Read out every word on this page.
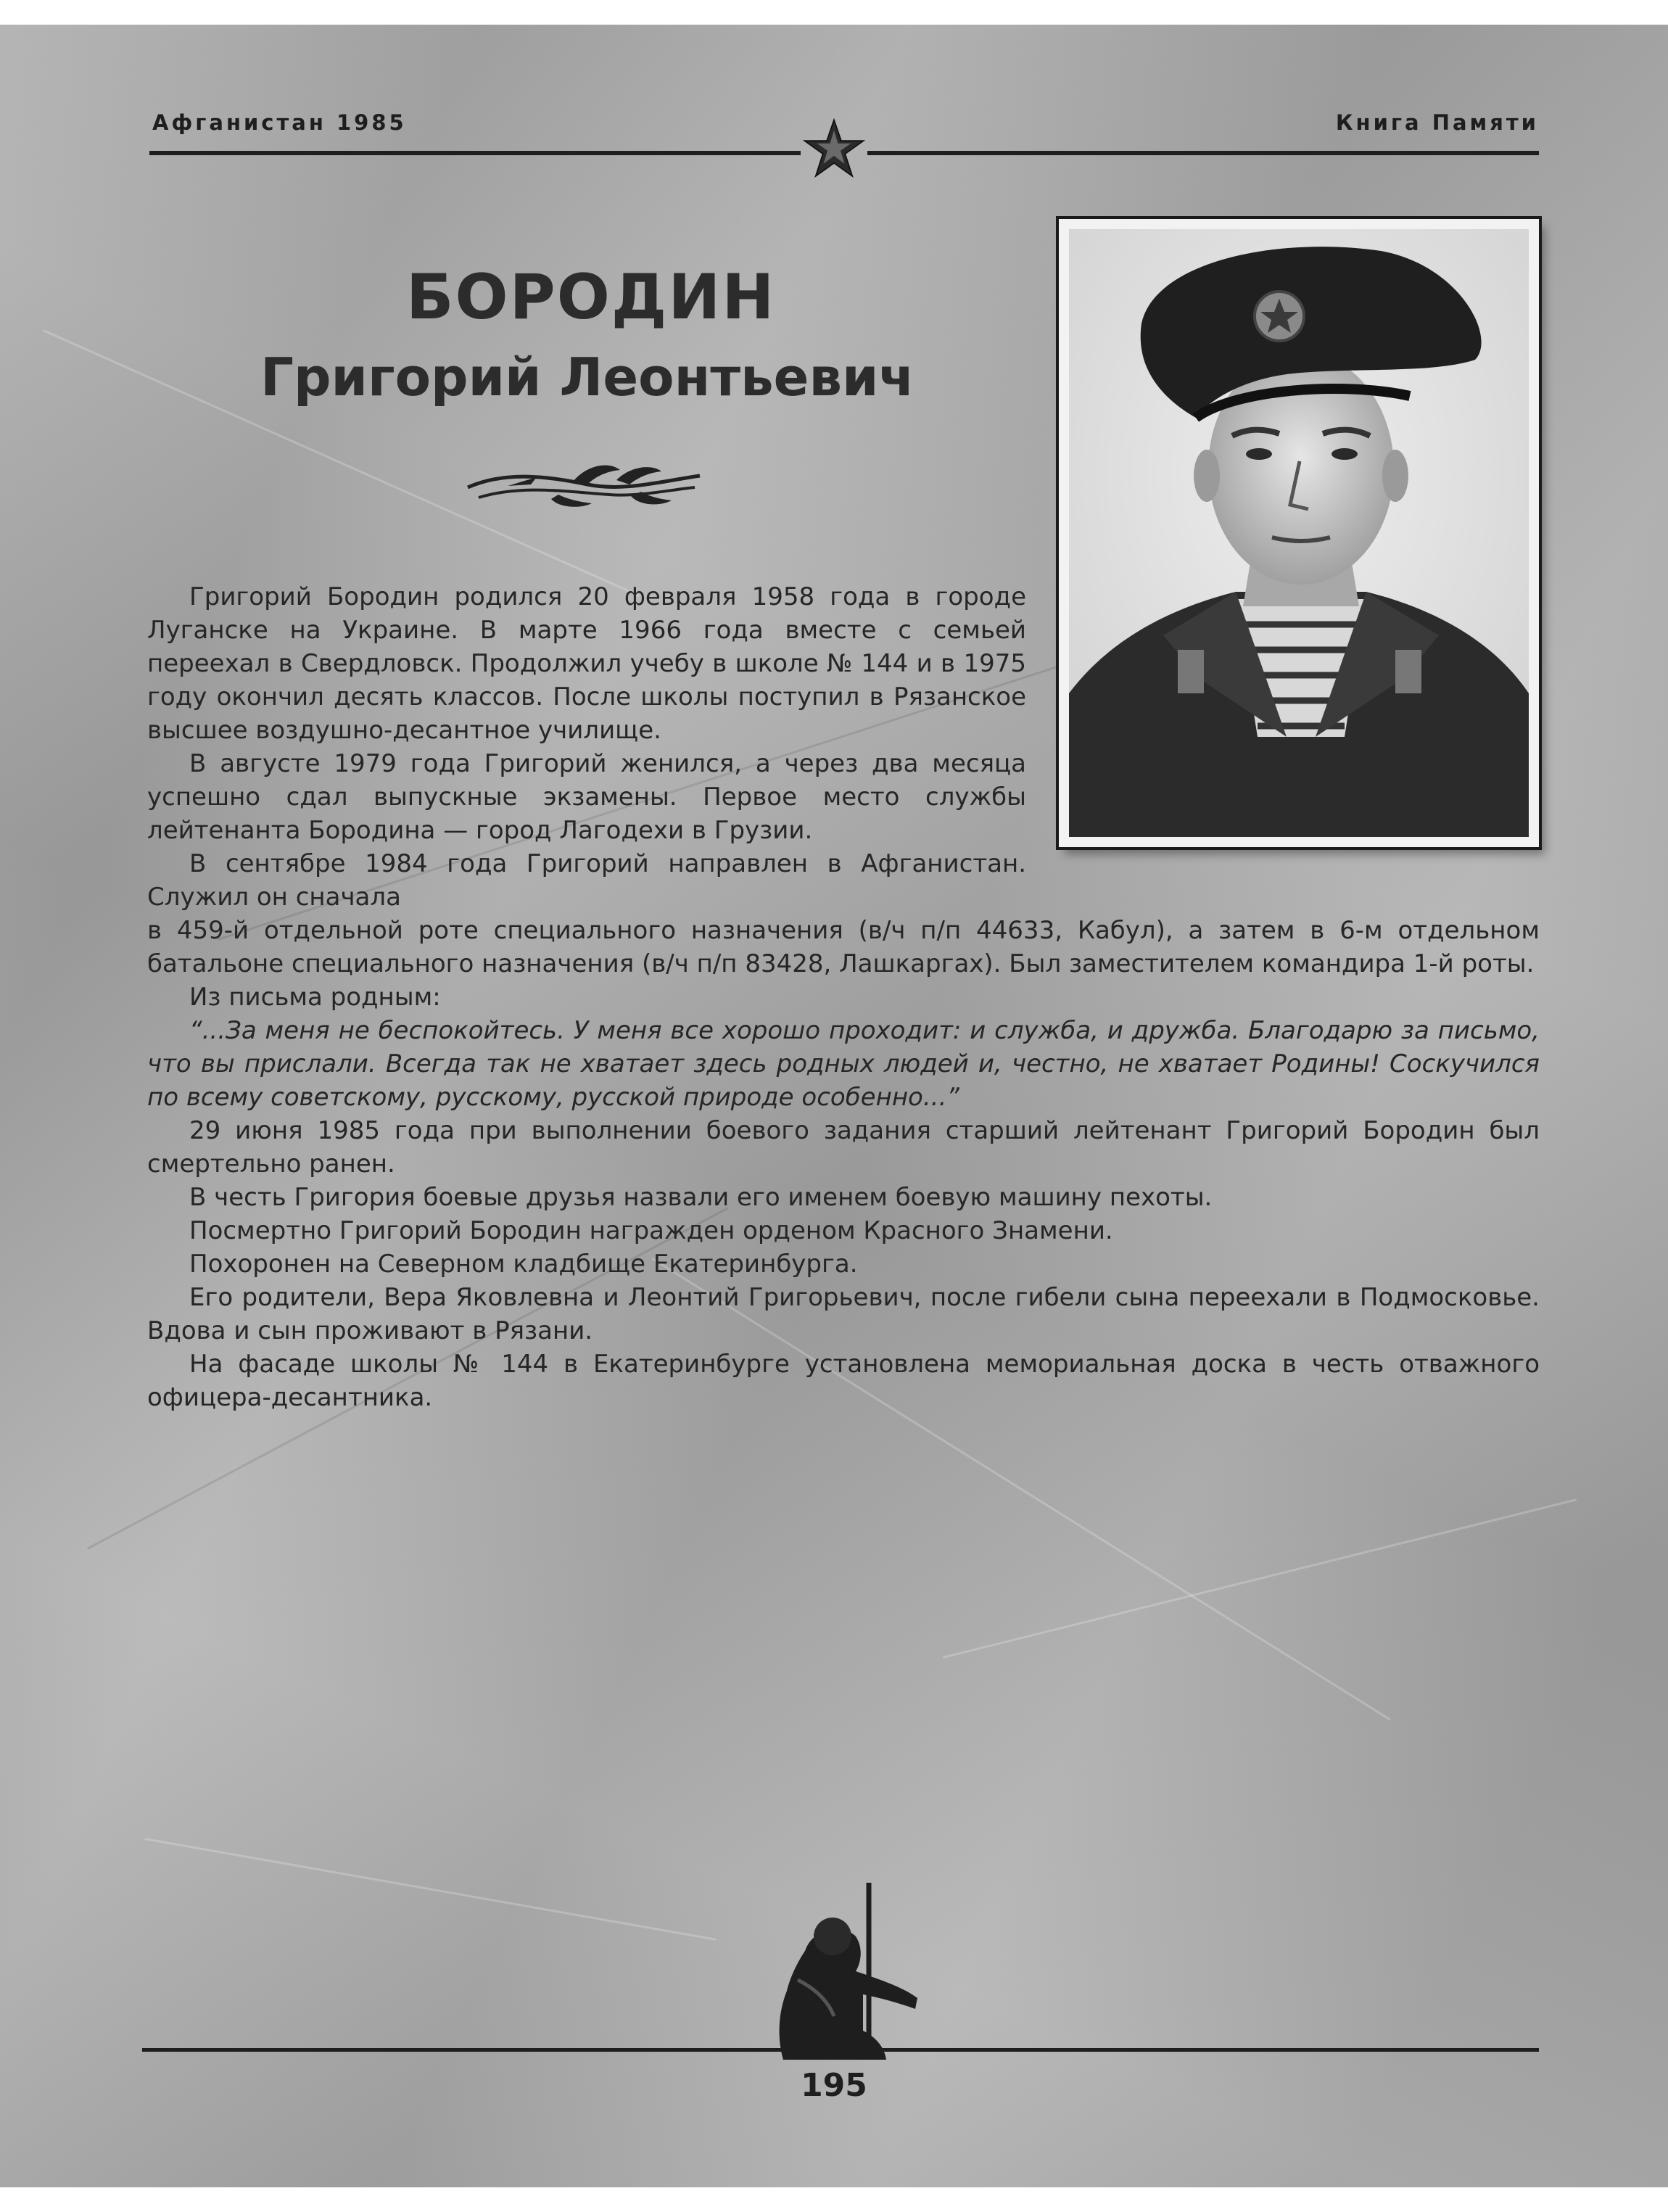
Афганистан 1985	Книга Памяти
БОРОДИН
Григорий Леонтьевич

Григорий Бородин родился 20 февраля 1958 года в городе Луганске на Украине. В марте 1966 года вместе с семьей переехал в Свердловск. Продолжил учебу в школе № 144 и в 1975 году окончил десять классов. После школы поступил в Рязанское высшее воздушно-десантное училище.

В августе 1979 года Григорий женился, а через два месяца успешно сдал выпускные экзамены. Первое место службы лейтенанта Бородина — город Лагодехи в Грузии.

В сентябре 1984 года Григорий направлен в Афганистан. Служил он сначала

в 459-й отдельной роте специального назначения (в/ч п/п 44633, Кабул), а затем в 6-м отдельном батальоне специального назначения (в/ч п/п 83428, Лашкаргах). Был заместителем командира 1-й роты.

Из письма родным:

“...За меня не беспокойтесь. У меня все хорошо проходит: и служба, и дружба. Благодарю за письмо, что вы прислали. Всегда так не хватает здесь родных людей и, честно, не хватает Родины! Соскучился по всему советскому, русскому, русской природе особенно...”

29 июня 1985 года при выполнении боевого задания старший лейтенант Григорий Бородин был смертельно ранен.

В честь Григория боевые друзья назвали его именем боевую машину пехоты.

Посмертно Григорий Бородин награжден орденом Красного Знамени.

Похоронен на Северном кладбище Екатеринбурга.

Его родители, Вера Яковлевна и Леонтий Григорьевич, после гибели сына переехали в Подмосковье. Вдова и сын проживают в Рязани.

На фасаде школы № 144 в Екатеринбурге установлена мемориальная доска в честь отважного офицера-десантника.

195
